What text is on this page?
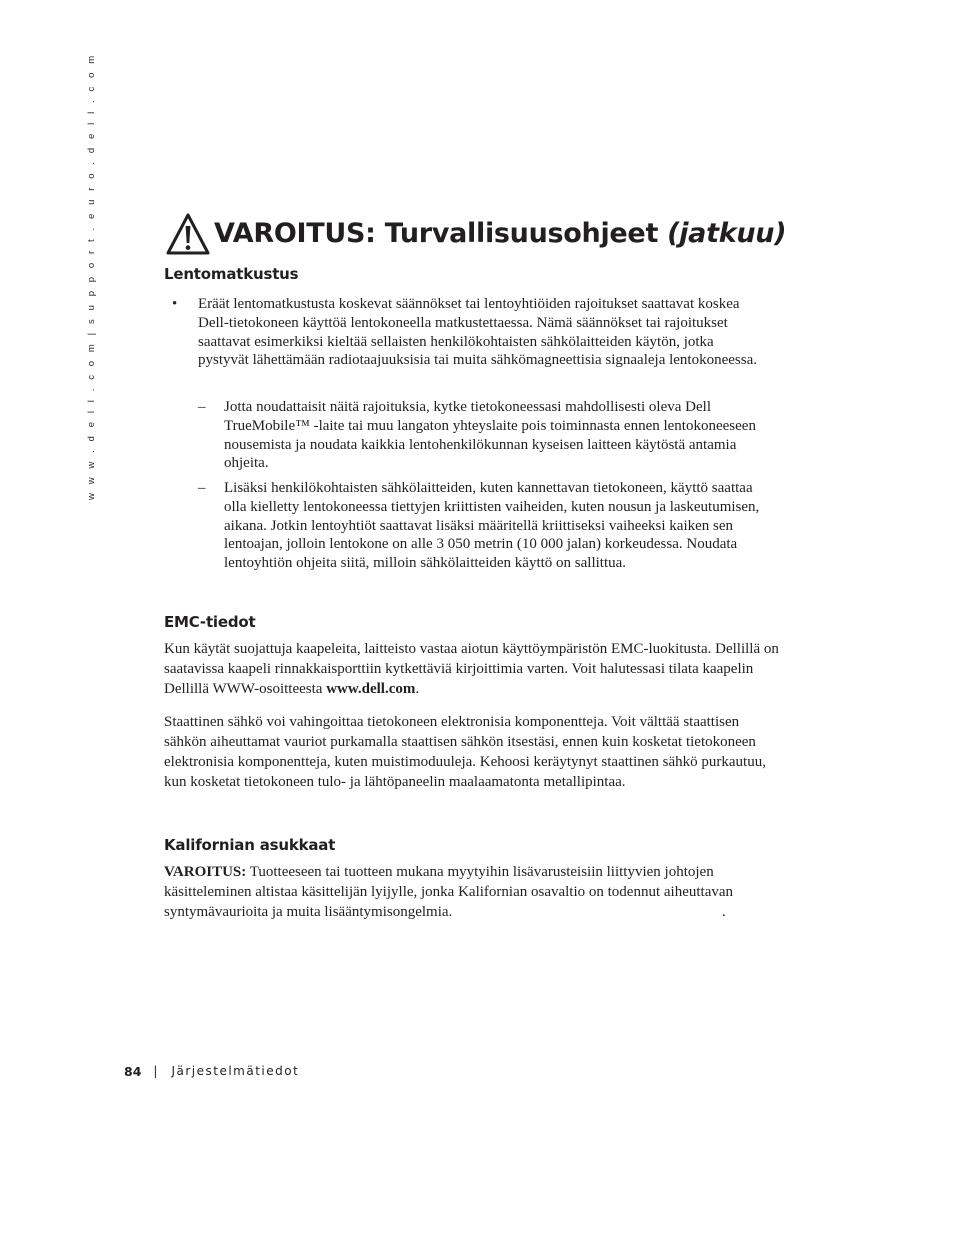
w w w . d e l l . c o m | s u p p o r t . e u r o . d e l l . c o m	VAROITUS: Turvallisuusohjeet (jatkuu)
Lentomatkustus
• Eräät lentomatkustusta koskevat säännökset tai lentoyhtiöiden rajoitukset saattavat koskea Dell-tietokoneen käyttöä lentokoneella matkustettaessa. Nämä säännökset tai rajoitukset saattavat esimerkiksi kieltää sellaisten henkilökohtaisten sähkölaitteiden käytön, jotka pystyvät lähettämään radiotaajuuksisia tai muita sähkömagneettisia signaaleja lentokoneessa.
– Jotta noudattaisit näitä rajoituksia, kytke tietokoneessasi mahdollisesti oleva Dell TrueMobile™ -laite tai muu langaton yhteyslaite pois toiminnasta ennen lentokoneeseen nousemista ja noudata kaikkia lentohenkilökunnan kyseisen laitteen käytöstä antamia ohjeita.
– Lisäksi henkilökohtaisten sähkölaitteiden, kuten kannettavan tietokoneen, käyttö saattaa olla kielletty lentokoneessa tiettyjen kriittisten vaiheiden, kuten nousun ja laskeutumisen, aikana. Jotkin lentoyhtiöt saattavat lisäksi määritellä kriittiseksi vaiheeksi kaiken sen lentoajan, jolloin lentokone on alle 3 050 metrin (10 000 jalan) korkeudessa. Noudata lentoyhtiön ohjeita siitä, milloin sähkölaitteiden käyttö on sallittua.
EMC-tiedot

Kun käytät suojattuja kaapeleita, laitteisto vastaa aiotun käyttöympäristön EMC-luokitusta. Dellillä on saatavissa kaapeli rinnakkaisporttiin kytkettäviä kirjoittimia varten. Voit halutessasi tilata kaapelin Dellillä WWW-osoitteesta www.dell.com.

Staattinen sähkö voi vahingoittaa tietokoneen elektronisia komponentteja. Voit välttää staattisen sähkön aiheuttamat vauriot purkamalla staattisen sähkön itsestäsi, ennen kuin kosketat tietokoneen elektronisia komponentteja, kuten muistimoduuleja. Kehoosi keräytynyt staattinen sähkö purkautuu, kun kosketat tietokoneen tulo- ja lähtöpaneelin maalaamatonta metallipintaa.

Kalifornian asukkaat

VAROITUS: Tuotteeseen tai tuotteen mukana myytyihin lisävarusteisiin liittyvien johtojen käsitteleminen altistaa käsittelijän lyijylle, jonka Kalifornian osavaltio on todennut aiheuttavan syntymävaurioita ja muita lisääntymisongelmia.	.
84 | Järjestelmätiedot
